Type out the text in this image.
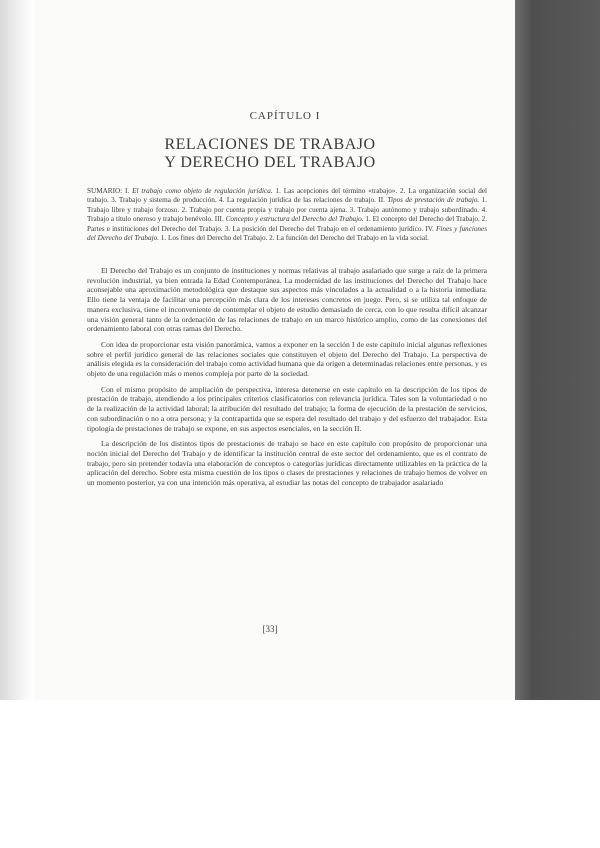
CAPÍTULO I
RELACIONES DE TRABAJO
Y DERECHO DEL TRABAJO
SUMARIO: I. El trabajo como objeto de regulación jurídica. 1. Las acepciones del término «trabajo». 2. La organización social del trabajo. 3. Trabajo y sistema de producción. 4. La regulación jurídica de las relaciones de trabajo. II. Tipos de prestación de trabajo. 1. Trabajo libre y trabajo forzoso. 2. Trabajo por cuenta propia y trabajo por cuenta ajena. 3. Trabajo autónomo y trabajo subordinado. 4. Trabajo a título oneroso y trabajo benévolo. III. Concepto y estructura del Derecho del Trabajo. 1. El concepto del Derecho del Trabajo. 2. Partes e instituciones del Derecho del Trabajo. 3. La posición del Derecho del Trabajo en el ordenamiento jurídico. IV. Fines y funciones del Derecho del Trabajo. 1. Los fines del Derecho del Trabajo. 2. La función del Derecho del Trabajo en la vida social.

El Derecho del Trabajo es un conjunto de instituciones y normas relativas al trabajo asalariado que surge a raíz de la primera revolución industrial, ya bien entrada la Edad Contemporánea. La modernidad de las instituciones del Derecho del Trabajo hace aconsejable una aproximación metodológica que destaque sus aspectos más vinculados a la actualidad o a la historia inmediata. Ello tiene la ventaja de facilitar una percepción más clara de los intereses concretos en juego. Pero, si se utiliza tal enfoque de manera exclusiva, tiene el inconveniente de contemplar el objeto de estudio demasiado de cerca, con lo que resulta difícil alcanzar una visión general tanto de la ordenación de las relaciones de trabajo en un marco histórico amplio, como de las conexiones del ordenamiento laboral con otras ramas del Derecho.

Con idea de proporcionar esta visión panorámica, vamos a exponer en la sección I de este capítulo inicial algunas reflexiones sobre el perfil jurídico general de las relaciones sociales que constituyen el objeto del Derecho del Trabajo. La perspectiva de análisis elegida es la consideración del trabajo como actividad humana que da origen a determinadas relaciones entre personas, y es objeto de una regulación más o menos compleja por parte de la sociedad.

Con el mismo propósito de ampliación de perspectiva, interesa detenerse en este capítulo en la descripción de los tipos de prestación de trabajo, atendiendo a los principales criterios clasificatorios con relevancia jurídica. Tales son la voluntariedad o no de la realización de la actividad laboral; la atribución del resultado del trabajo; la forma de ejecución de la prestación de servicios, con subordinación o no a otra persona; y la contrapartida que se espera del resultado del trabajo y del esfuerzo del trabajador. Esta tipología de prestaciones de trabajo se expone, en sus aspectos esenciales, en la sección II.

La descripción de los distintos tipos de prestaciones de trabajo se hace en este capítulo con propósito de proporcionar una noción inicial del Derecho del Trabajo y de identificar la institución central de este sector del ordenamiento, que es el contrato de trabajo, pero sin pretender todavía una elaboración de conceptos o categorías jurídicas directamente utilizables en la práctica de la aplicación del derecho. Sobre esta misma cuestión de los tipos o clases de prestaciones y relaciones de trabajo hemos de volver en un momento posterior, ya con una intención más operativa, al estudiar las notas del concepto de trabajador asalariado

[33]
